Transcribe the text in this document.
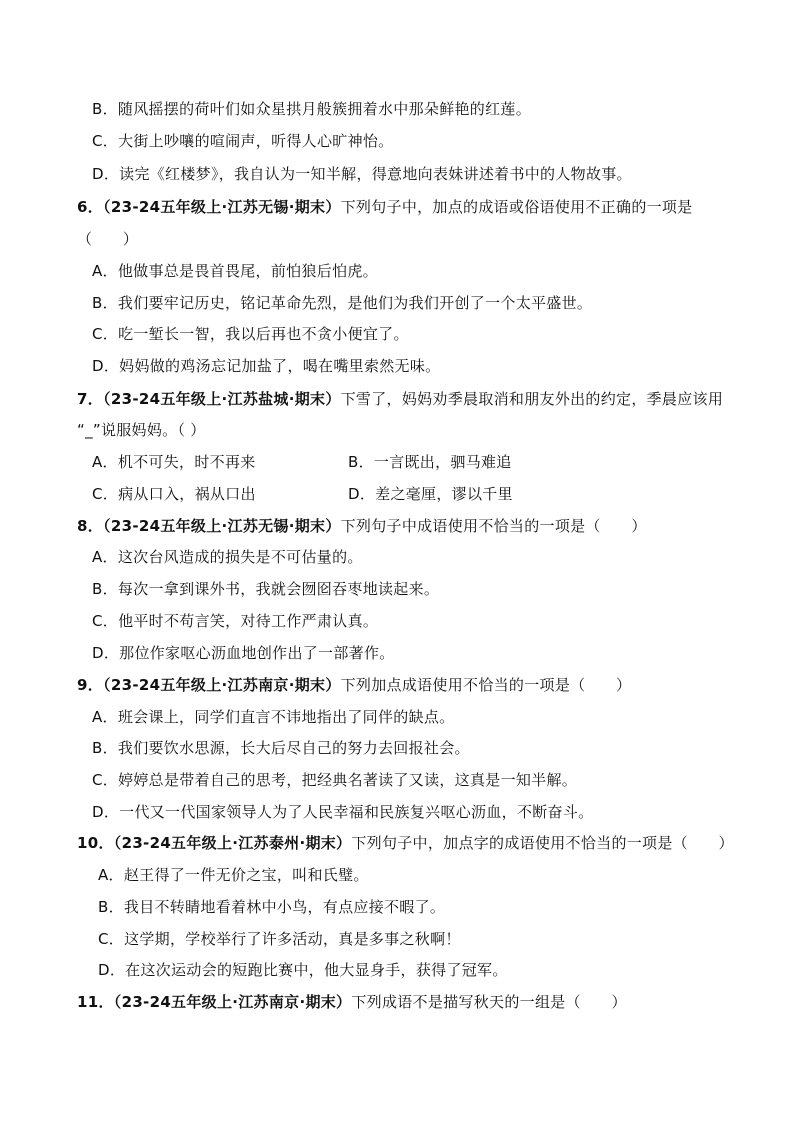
B．随风摇摆的荷叶们如众星拱月般簇拥着水中那朵鲜艳的红莲。
C．大街上吵嚷的喧闹声，听得人心旷神怡。
D．读完《红楼梦》，我自认为一知半解，得意地向表妹讲述着书中的人物故事。
6．（23-24五年级上·江苏无锡·期末）下列句子中，加点的成语或俗语使用不正确的一项是
（　　）
A．他做事总是畏首畏尾，前怕狼后怕虎。
B．我们要牢记历史，铭记革命先烈，是他们为我们开创了一个太平盛世。
C．吃一堑长一智，我以后再也不贪小便宜了。
D．妈妈做的鸡汤忘记加盐了，喝在嘴里索然无味。
7．（23-24五年级上·江苏盐城·期末）下雪了，妈妈劝季晨取消和朋友外出的约定，季晨应该用
“_”说服妈妈。（ ）
A．机不可失，时不再来	B．一言既出，驷马难追
C．病从口入，祸从口出	D．差之毫厘，谬以千里
8．（23-24五年级上·江苏无锡·期末）下列句子中成语使用不恰当的一项是（　　）
A．这次台风造成的损失是不可估量的。
B．每次一拿到课外书，我就会囫囵吞枣地读起来。
C．他平时不苟言笑，对待工作严肃认真。
D．那位作家呕心沥血地创作出了一部著作。
9．（23-24五年级上·江苏南京·期末）下列加点成语使用不恰当的一项是（　　）
A．班会课上，同学们直言不讳地指出了同伴的缺点。
B．我们要饮水思源，长大后尽自己的努力去回报社会。
C．婷婷总是带着自己的思考，把经典名著读了又读，这真是一知半解。
D．一代又一代国家领导人为了人民幸福和民族复兴呕心沥血，不断奋斗。
10．（23-24五年级上·江苏泰州·期末）下列句子中，加点字的成语使用不恰当的一项是（　　）
A．赵王得了一件无价之宝，叫和氏璧。
B．我目不转睛地看着林中小鸟，有点应接不暇了。
C．这学期，学校举行了许多活动，真是多事之秋啊！
D．在这次运动会的短跑比赛中，他大显身手，获得了冠军。
11．（23-24五年级上·江苏南京·期末）下列成语不是描写秋天的一组是（　　）
